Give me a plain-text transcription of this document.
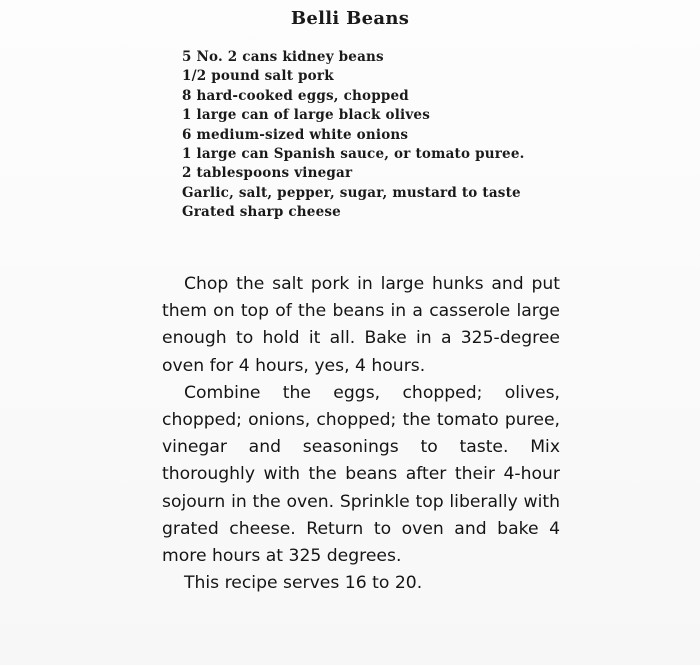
Belli Beans
5 No. 2 cans kidney beans
1/2 pound salt pork
8 hard-cooked eggs, chopped
1 large can of large black olives
6 medium-sized white onions
1 large can Spanish sauce, or tomato puree.
2 tablespoons vinegar
Garlic, salt, pepper, sugar, mustard to taste
Grated sharp cheese

Chop the salt pork in large hunks and put them on top of the beans in a casserole large enough to hold it all. Bake in a 325-degree oven for 4 hours, yes, 4 hours.

Combine the eggs, chopped; olives, chopped; onions, chopped; the tomato puree, vinegar and seasonings to taste. Mix thoroughly with the beans after their 4-hour sojourn in the oven. Sprinkle top liberally with grated cheese. Return to oven and bake 4 more hours at 325 degrees.

This recipe serves 16 to 20.
